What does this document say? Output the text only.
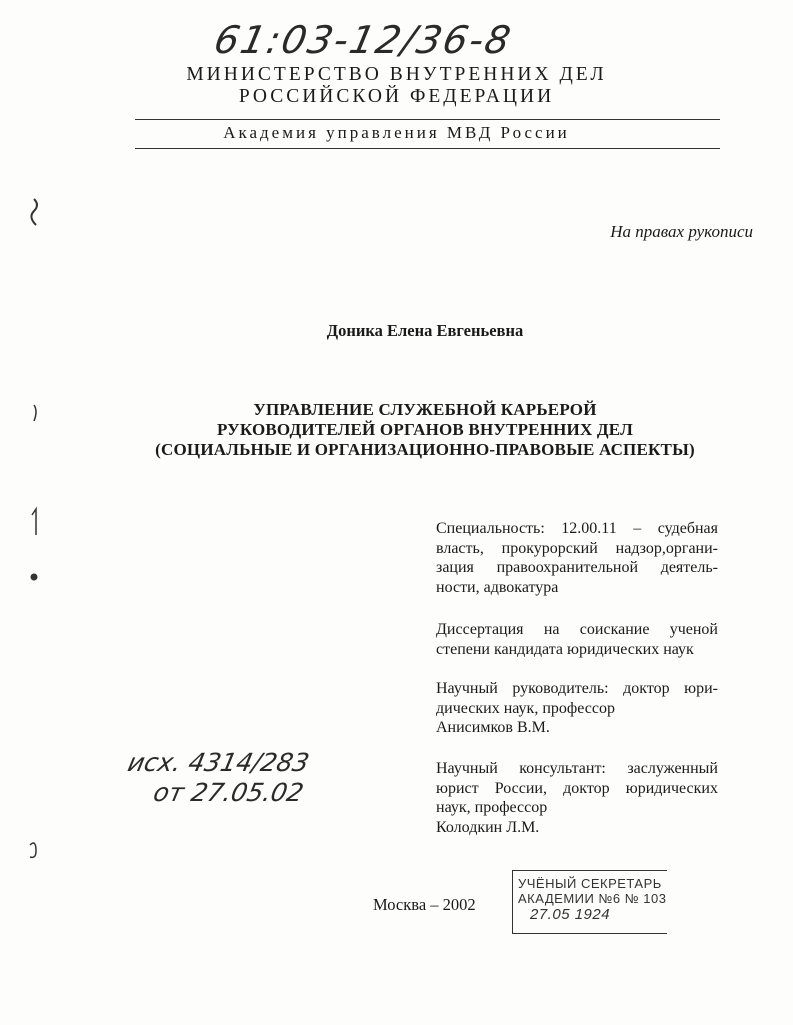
61:03-12/36-8
МИНИСТЕРСТВО ВНУТРЕННИХ ДЕЛ
РОССИЙСКОЙ ФЕДЕРАЦИИ
Академия управления МВД России
На правах рукописи
Доника Елена Евгеньевна
УПРАВЛЕНИЕ СЛУЖЕБНОЙ КАРЬЕРОЙ
РУКОВОДИТЕЛЕЙ ОРГАНОВ ВНУТРЕННИХ ДЕЛ
(СОЦИАЛЬНЫЕ И ОРГАНИЗАЦИОННО-ПРАВОВЫЕ АСПЕКТЫ)
Специальность: 12.00.11 – судебная
власть, прокурорский надзор,органи-
зация правоохранительной деятель-
ности, адвокатура
Диссертация на соискание ученой
степени кандидата юридических наук
Научный руководитель: доктор юри-
дических наук, профессор
Анисимков В.М.
Научный консультант: заслуженный
юрист России, доктор юридических
наук, профессор
Колодкин Л.М.
Москва – 2002
исх. 4314/283
от 27.05.02
УЧЁНЫЙ СЕКРЕТАРЬ
АКАДЕМИИ №6 № 103
27.05 1924
